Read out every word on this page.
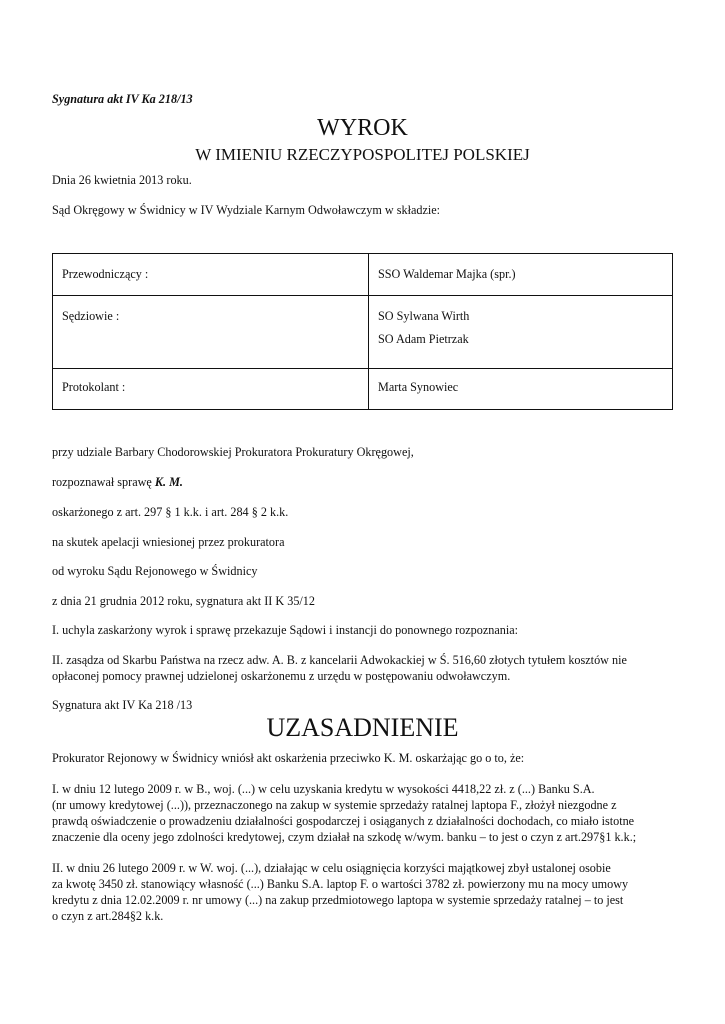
Sygnatura akt IV Ka 218/13
WYROK
W IMIENIU RZECZYPOSPOLITEJ POLSKIEJ
Dnia 26 kwietnia 2013 roku.
Sąd Okręgowy w Świdnicy w IV Wydziale Karnym Odwoławczym w składzie:
Przewodniczący :	SSO Waldemar Majka (spr.)

Sędziowie :	SO Sylwana Wirth
SO Adam Pietrzak

Protokolant :	Marta Synowiec
przy udziale Barbary Chodorowskiej Prokuratora Prokuratury Okręgowej,
rozpoznawał sprawę K. M.
oskarżonego z art. 297 § 1 k.k. i art. 284 § 2 k.k.
na skutek apelacji wniesionej przez prokuratora
od wyroku Sądu Rejonowego w Świdnicy
z dnia 21 grudnia 2012 roku, sygnatura akt II K 35/12
I. uchyla zaskarżony wyrok i sprawę przekazuje Sądowi i instancji do ponownego rozpoznania:
II. zasądza od Skarbu Państwa na rzecz adw. A. B. z kancelarii Adwokackiej w Ś. 516,60 złotych tytułem kosztów nie
opłaconej pomocy prawnej udzielonej oskarżonemu z urzędu w postępowaniu odwoławczym.
Sygnatura akt IV Ka 218 /13
UZASADNIENIE
Prokurator Rejonowy w Świdnicy wniósł akt oskarżenia przeciwko K. M. oskarżając go o to, że:
I. w dniu 12 lutego 2009 r. w B., woj. (...) w celu uzyskania kredytu w wysokości 4418,22 zł. z (...) Banku S.A.
(nr umowy kredytowej (...)), przeznaczonego na zakup w systemie sprzedaży ratalnej laptopa F., złożył niezgodne z
prawdą oświadczenie o prowadzeniu działalności gospodarczej i osiąganych z działalności dochodach, co miało istotne
znaczenie dla oceny jego zdolności kredytowej, czym działał na szkodę w/wym. banku – to jest o czyn z art.297§1 k.k.;
II. w dniu 26 lutego 2009 r. w W. woj. (...), działając w celu osiągnięcia korzyści majątkowej zbył ustalonej osobie
za kwotę 3450 zł. stanowiący własność (...) Banku S.A. laptop F. o wartości 3782 zł. powierzony mu na mocy umowy
kredytu z dnia 12.02.2009 r. nr umowy (...) na zakup przedmiotowego laptopa w systemie sprzedaży ratalnej – to jest
o czyn z art.284§2 k.k.
